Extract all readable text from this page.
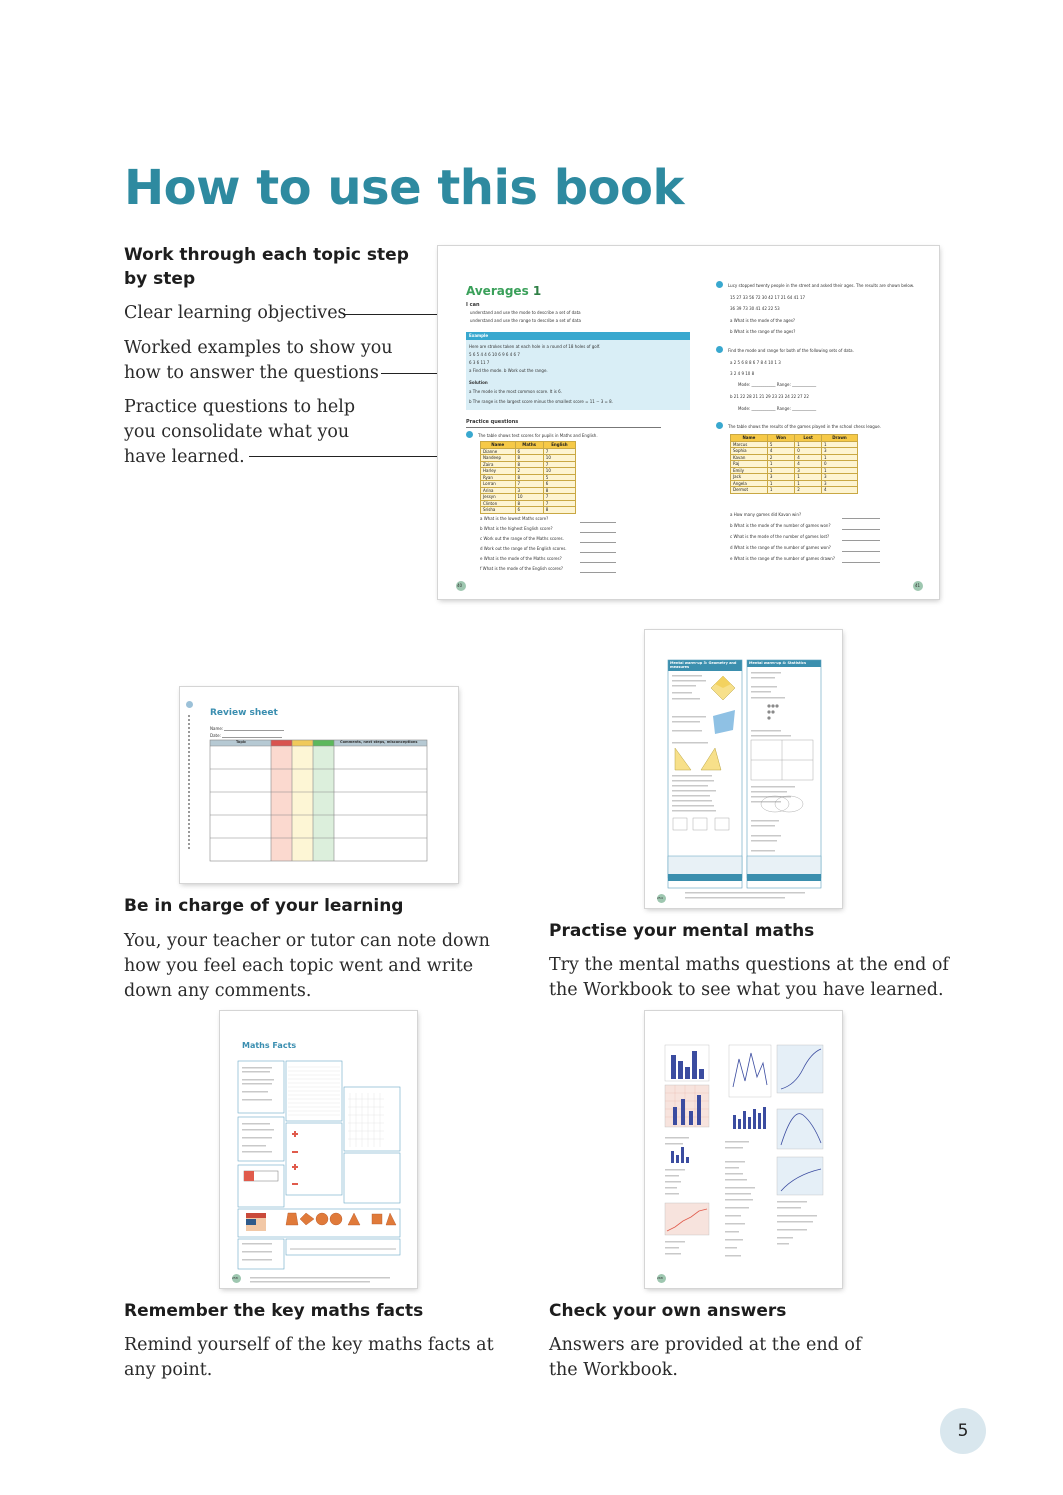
How to use this book
Work through each topic step by step
Clear learning objectives
Worked examples to show you how to answer the questions
Practice questions to help you consolidate what you have learned.
Averages 1
I can
understand and use the mode to describe a set of data
understand and use the range to describe a set of data
Example
Here are strokes taken at each hole in a round of 18 holes of golf.
5 6 5 4 4 6 10 6 9 6 4 6 7
6 3 6 11 7
a Find the mode. b Work out the range.
Solution
a The mode is the most common score. It is 6.
b The range is the largest score minus the smallest score = 11 − 3 = 8.
Practice questions
The table shows test scores for pupils in Maths and English.
Name	Maths	English
Dianne	6	7
Nandeep	8	10
Zaira	8	7
Harley	2	10
Ryan	8	5
Lorran	7	6
Arina	3	8
Jessyn	10	7
Clinton	8	7
Srisha	6	8
a What is the lowest Maths score?
b What is the highest English score?
c Work out the range of the Maths scores.
d Work out the range of the English scores.
e What is the mode of the Maths scores?
f What is the mode of the English scores?
40
Lucy stopped twenty people in the street and asked their ages. The results are shown below.
15 27 33 56 72 30 42 17 21 64 41 17
36 39 73 30 41 42 22 53
a What is the mode of the ages?
b What is the range of the ages?
Find the mode and range for both of the following sets of data.
a 2 5 6 8 8 6 7 8 4 10 1 3
3 2 4 9 10 8
Mode: ____________ Range: ____________
b 21 22 28 21 21 29 23 23 24 22 27 22
Mode: ____________ Range: ____________
The table shows the results of the games played in the school chess league.
Name	Won	Lost	Drawn
Marcus	5	1	1
Sophia	4	0	3
Kavan	2	4	1
Raj	1	4	0
Emily	1	3	1
Jack	3	1	3
Angela	1	1	3
Dermot	1	2	4
a How many games did Kavan win?
b What is the mode of the number of games won?
c What is the mode of the number of games lost?
d What is the range of the number of games won?
e What is the range of the number of games drawn?
41
Review sheet
Name:
Date:
Topic	Comments, next steps, misconceptions
Be in charge of your learning
You, your teacher or tutor can note down how you feel each topic went and write down any comments.
Mental warm-up 3: Geometry and measures
Mental warm-up 4: Statistics
254
Practise your mental maths
Try the mental maths questions at the end of the Workbook to see what you have learned.
Maths Facts
258
Remember the key maths facts
Remind yourself of the key maths facts at any point.
268
Check your own answers
Answers are provided at the end of the Workbook.
5
